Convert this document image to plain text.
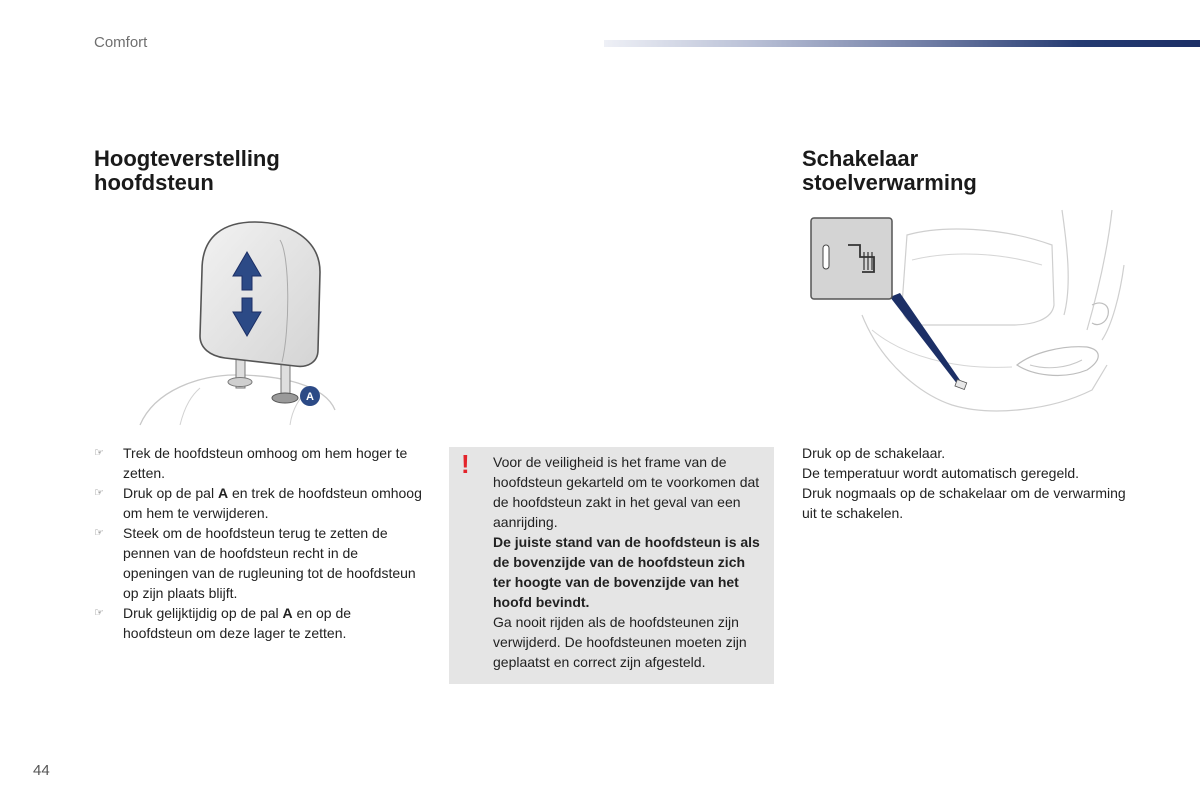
Comfort
Hoogteverstelling
hoofdsteun
Schakelaar
stoelverwarming
A
☞	Trek de hoofdsteun omhoog om hem hoger te zetten.
☞	Druk op de pal A en trek de hoofdsteun omhoog om hem te verwijderen.
☞	Steek om de hoofdsteun terug te zetten de pennen van de hoofdsteun recht in de openingen van de rugleuning tot de hoofdsteun op zijn plaats blijft.
☞	Druk gelijktijdig op de pal A en op de hoofdsteun om deze lager te zetten.
! Voor de veiligheid is het frame van de hoofdsteun gekarteld om te voorkomen dat de hoofdsteun zakt in het geval van een aanrijding.

De juiste stand van de hoofdsteun is als de bovenzijde van de hoofdsteun zich ter hoogte van de bovenzijde van het hoofd bevindt.

Ga nooit rijden als de hoofdsteunen zijn verwijderd. De hoofdsteunen moeten zijn geplaatst en correct zijn afgesteld.

Druk op de schakelaar.

De temperatuur wordt automatisch geregeld.

Druk nogmaals op de schakelaar om de verwarming uit te schakelen.

44
